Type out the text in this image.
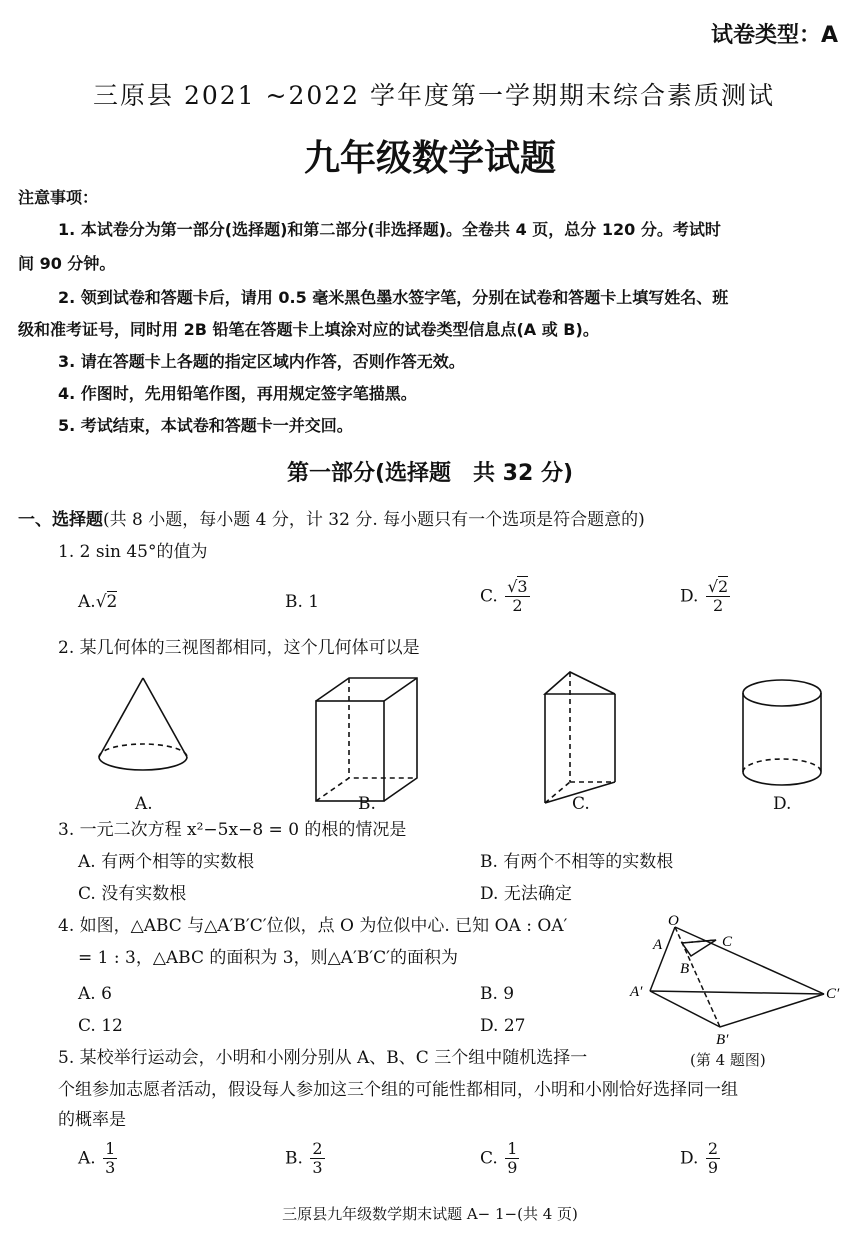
试卷类型：A
三原县 2021 ~2022 学年度第一学期期末综合素质测试
九年级数学试题
注意事项：
1. 本试卷分为第一部分(选择题)和第二部分(非选择题)。全卷共 4 页，总分 120 分。考试时
间 90 分钟。
2. 领到试卷和答题卡后，请用 0.5 毫米黑色墨水签字笔，分别在试卷和答题卡上填写姓名、班
级和准考证号，同时用 2B 铅笔在答题卡上填涂对应的试卷类型信息点(A 或 B)。
3. 请在答题卡上各题的指定区域内作答，否则作答无效。
4. 作图时，先用铅笔作图，再用规定签字笔描黑。
5. 考试结束，本试卷和答题卡一并交回。
第一部分(选择题　共 32 分)
一、选择题(共 8 小题，每小题 4 分，计 32 分. 每小题只有一个选项是符合题意的)
1. 2 sin 45°的值为
A.√2	B. 1	C. $\frac{√3}{2}$	D. $\frac{√2}{2}$
2. 某几何体的三视图都相同，这个几何体可以是
A.	B.	C.	D.
3. 一元二次方程 x²−5x−8 = 0 的根的情况是
A. 有两个相等的实数根	B. 有两个不相等的实数根
C. 没有实数根	D. 无法确定
4. 如图，△ABC 与△A′B′C′位似，点 O 为位似中心. 已知 OA : OA′
= 1 : 3，△ABC 的面积为 3，则△A′B′C′的面积为
A. 6	B. 9
C. 12	D. 27
O
A
B
C
A′	C′
B′
(第 4 题图)
5. 某校举行运动会，小明和小刚分别从 A、B、C 三个组中随机选择一
个组参加志愿者活动，假设每人参加这三个组的可能性都相同，小明和小刚恰好选择同一组
的概率是
A. $\frac{1}{3}$	B. $\frac{2}{3}$	C. $\frac{1}{9}$	D. $\frac{2}{9}$
三原县九年级数学期末试题 A− 1−(共 4 页)
